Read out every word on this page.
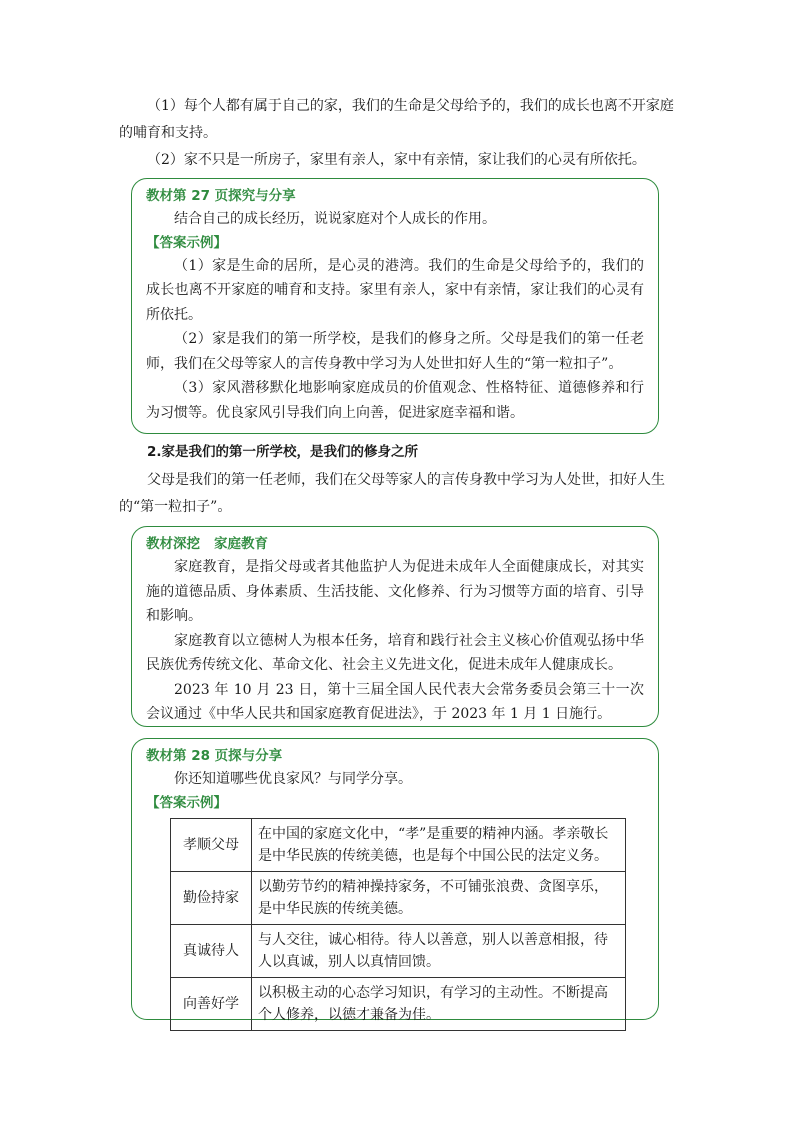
（1）每个人都有属于自己的家，我们的生命是父母给予的，我们的成长也离不开家庭的哺育和支持。

（2）家不只是一所房子，家里有亲人，家中有亲情，家让我们的心灵有所依托。

教材第 27 页探究与分享

结合自己的成长经历，说说家庭对个人成长的作用。

【答案示例】

（1）家是生命的居所，是心灵的港湾。我们的生命是父母给予的，我们的成长也离不开家庭的哺育和支持。家里有亲人，家中有亲情，家让我们的心灵有所依托。

（2）家是我们的第一所学校，是我们的修身之所。父母是我们的第一任老师，我们在父母等家人的言传身教中学习为人处世扣好人生的“第一粒扣子”。

（3）家风潜移默化地影响家庭成员的价值观念、性格特征、道德修养和行为习惯等。优良家风引导我们向上向善，促进家庭幸福和谐。

2.家是我们的第一所学校，是我们的修身之所

父母是我们的第一任老师，我们在父母等家人的言传身教中学习为人处世，扣好人生的“第一粒扣子”。

教材深挖 家庭教育

家庭教育，是指父母或者其他监护人为促进未成年人全面健康成长，对其实施的道德品质、身体素质、生活技能、文化修养、行为习惯等方面的培育、引导和影响。

家庭教育以立德树人为根本任务，培育和践行社会主义核心价值观弘扬中华民族优秀传统文化、革命文化、社会主义先进文化，促进未成年人健康成长。

2023 年 10 月 23 日，第十三届全国人民代表大会常务委员会第三十一次会议通过《中华人民共和国家庭教育促进法》，于 2023 年 1 月 1 日施行。

教材第 28 页探与分享

你还知道哪些优良家风？与同学分享。

【答案示例】

孝顺父母	在中国的家庭文化中，“孝”是重要的精神内涵。孝亲敬长是中华民族的传统美德，也是每个中国公民的法定义务。
勤俭持家	以勤劳节约的精神操持家务，不可铺张浪费、贪图享乐，是中华民族的传统美德。
真诚待人	与人交往，诚心相待。待人以善意，别人以善意相报，待人以真诚，别人以真情回馈。
向善好学	以积极主动的心态学习知识，有学习的主动性。不断提高个人修养，以德才兼备为佳。
